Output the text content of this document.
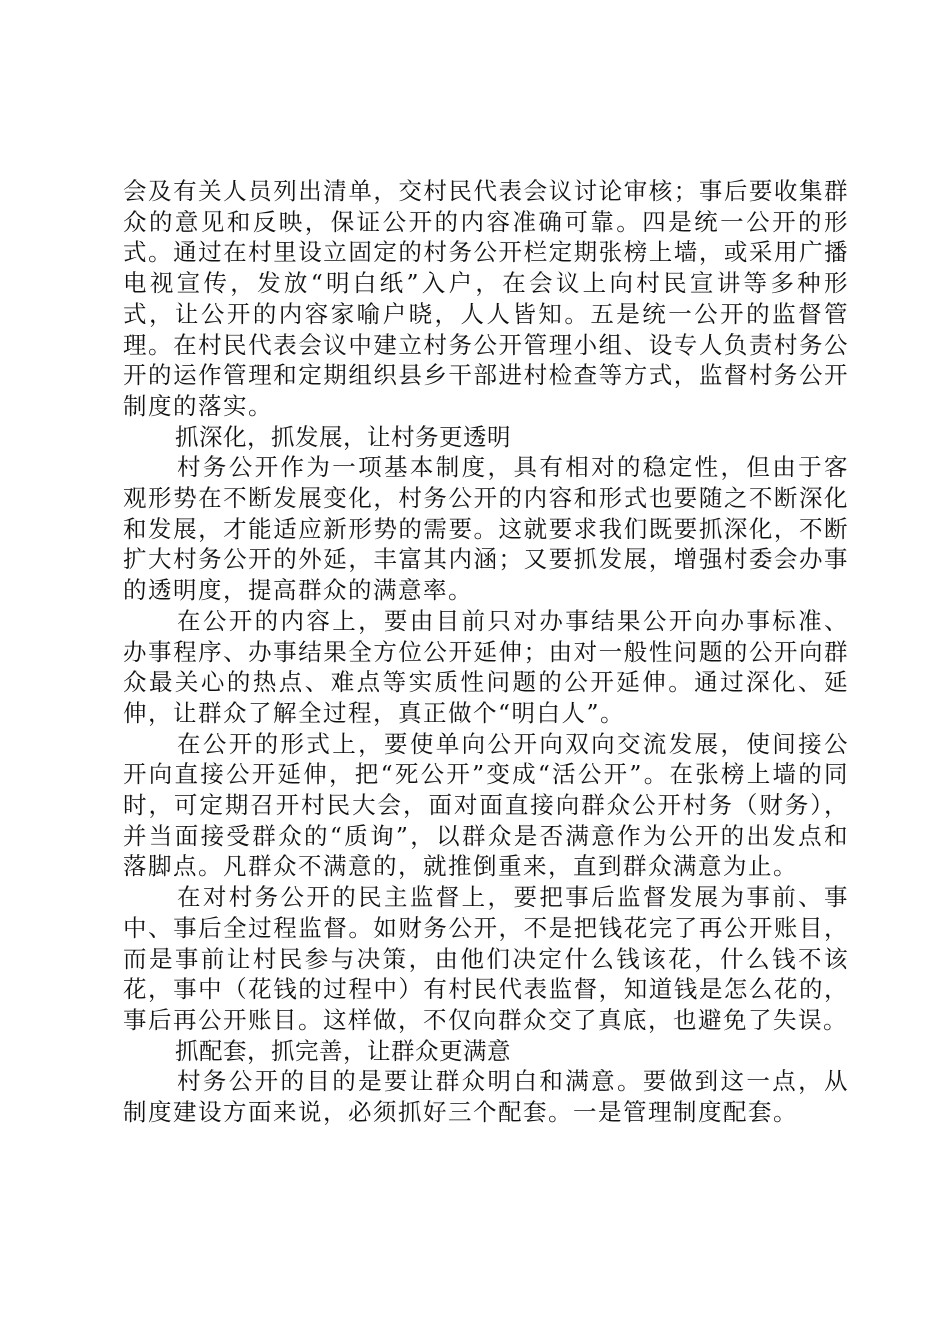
会及有关人员列出清单，交村民代表会议讨论审核；事后要收集群众的意见和反映，保证公开的内容准确可靠。四是统一公开的形式。通过在村里设立固定的村务公开栏定期张榜上墙，或采用广播电视宣传，发放“明白纸”入户，在会议上向村民宣讲等多种形式，让公开的内容家喻户晓，人人皆知。五是统一公开的监督管理。在村民代表会议中建立村务公开管理小组、设专人负责村务公开的运作管理和定期组织县乡干部进村检查等方式，监督村务公开制度的落实。

抓深化，抓发展，让村务更透明

村务公开作为一项基本制度，具有相对的稳定性，但由于客观形势在不断发展变化，村务公开的内容和形式也要随之不断深化和发展，才能适应新形势的需要。这就要求我们既要抓深化，不断扩大村务公开的外延，丰富其内涵；又要抓发展，增强村委会办事的透明度，提高群众的满意率。

在公开的内容上，要由目前只对办事结果公开向办事标准、办事程序、办事结果全方位公开延伸；由对一般性问题的公开向群众最关心的热点、难点等实质性问题的公开延伸。通过深化、延伸，让群众了解全过程，真正做个“明白人”。

在公开的形式上，要使单向公开向双向交流发展，使间接公开向直接公开延伸，把“死公开”变成“活公开”。在张榜上墙的同时，可定期召开村民大会，面对面直接向群众公开村务（财务），并当面接受群众的“质询”，以群众是否满意作为公开的出发点和落脚点。凡群众不满意的，就推倒重来，直到群众满意为止。

在对村务公开的民主监督上，要把事后监督发展为事前、事中、事后全过程监督。如财务公开，不是把钱花完了再公开账目，而是事前让村民参与决策，由他们决定什么钱该花，什么钱不该花，事中（花钱的过程中）有村民代表监督，知道钱是怎么花的，事后再公开账目。这样做，不仅向群众交了真底，也避免了失误。

抓配套，抓完善，让群众更满意

村务公开的目的是要让群众明白和满意。要做到这一点，从制度建设方面来说，必须抓好三个配套。一是管理制度配套。
